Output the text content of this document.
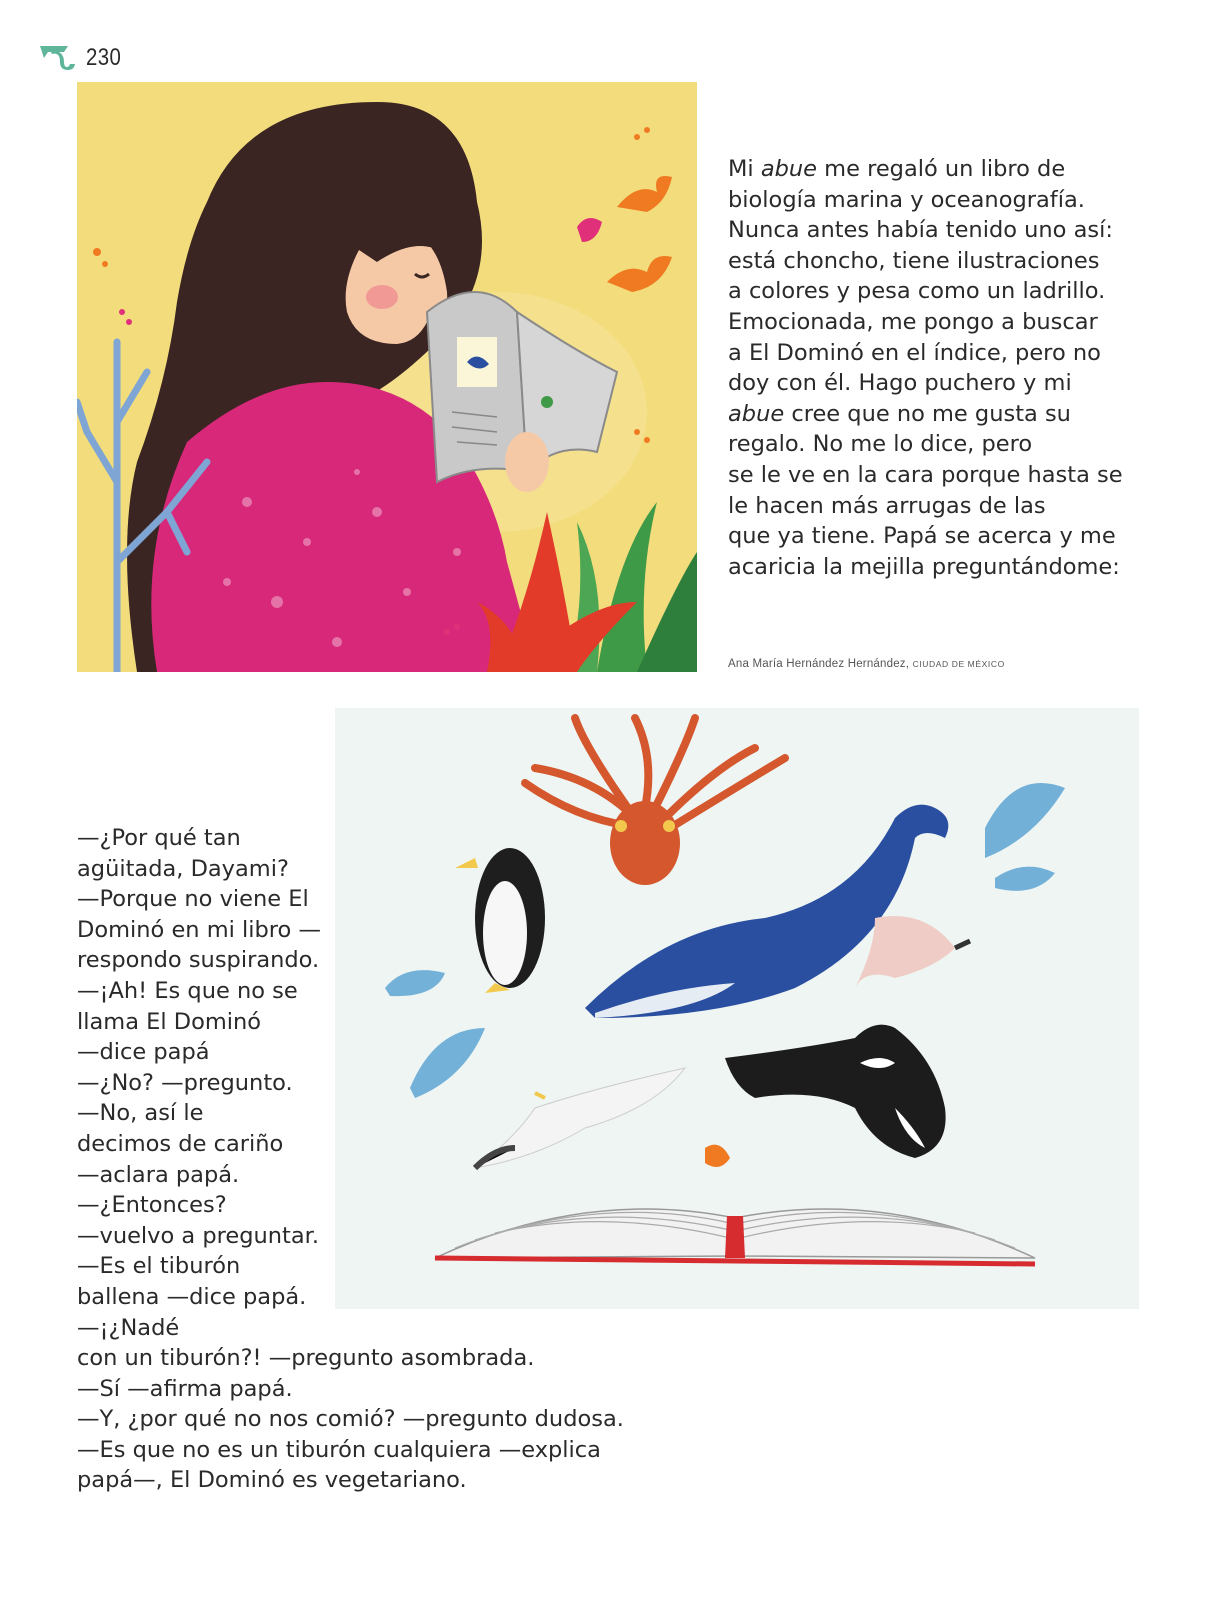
230

Mi abue me regaló un libro de
biología marina y oceanografía.
Nunca antes había tenido uno así:
está choncho, tiene ilustraciones
a colores y pesa como un ladrillo.
Emocionada, me pongo a buscar
a El Dominó en el índice, pero no
doy con él. Hago puchero y mi
abue cree que no me gusta su
regalo. No me lo dice, pero
se le ve en la cara porque hasta se
le hacen más arrugas de las
que ya tiene. Papá se acerca y me
acaricia la mejilla preguntándome:

Ana María Hernández Hernández, CIUDAD DE MÉXICO

—¿Por qué tan
agüitada, Dayami?
—Porque no viene El
Dominó en mi libro —
respondo suspirando.
—¡Ah! Es que no se
llama El Dominó
—dice papá
—¿No? —pregunto.
—No, así le
decimos de cariño
—aclara papá.
—¿Entonces?
—vuelvo a preguntar.
—Es el tiburón
ballena —dice papá.
—¡¿Nadé
con un tiburón?! —pregunto asombrada.
—Sí —afirma papá.
—Y, ¿por qué no nos comió? —pregunto dudosa.
—Es que no es un tiburón cualquiera —explica
papá—, El Dominó es vegetariano.
